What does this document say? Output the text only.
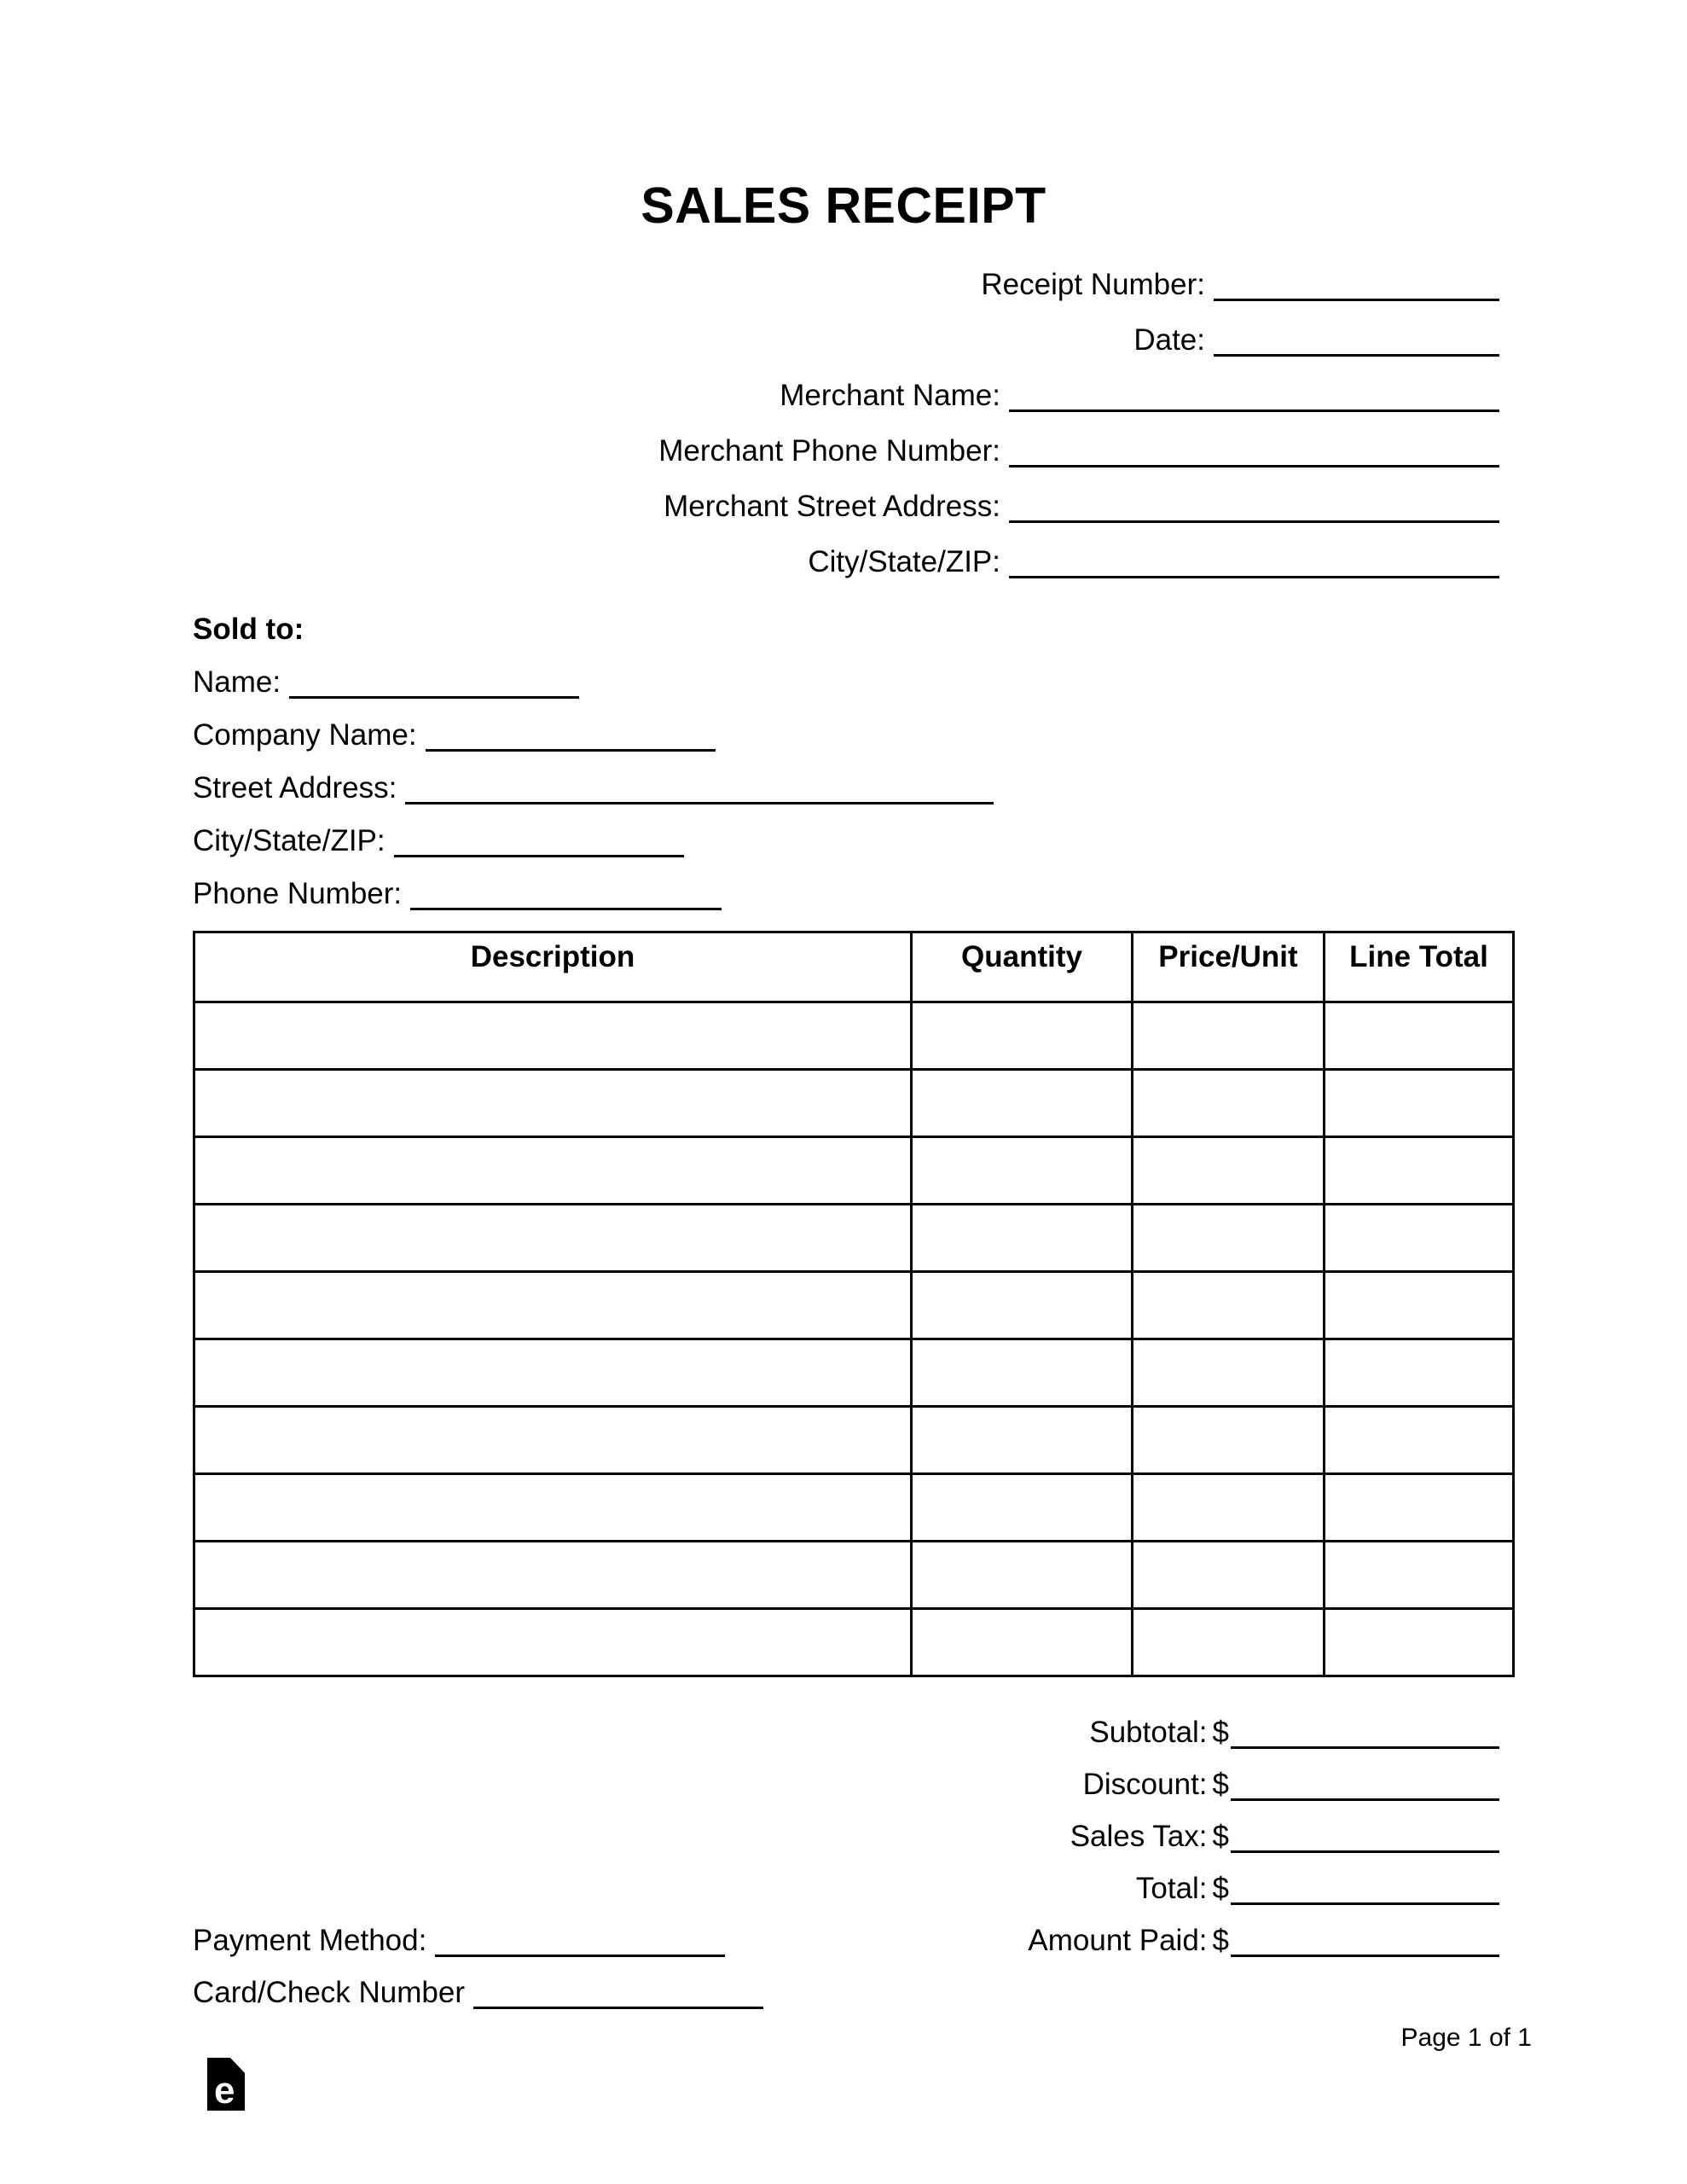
SALES RECEIPT
Receipt Number:
Date:
Merchant Name:
Merchant Phone Number:
Merchant Street Address:
City/State/ZIP:
Sold to:
Name:
Company Name:
Street Address:
City/State/ZIP:
Phone Number:
Description	Quantity	Price/Unit	Line Total

Subtotal: $
Discount: $
Sales Tax: $
Total: $
Payment Method:	Amount Paid: $
Card/Check Number
Page 1 of 1
e
